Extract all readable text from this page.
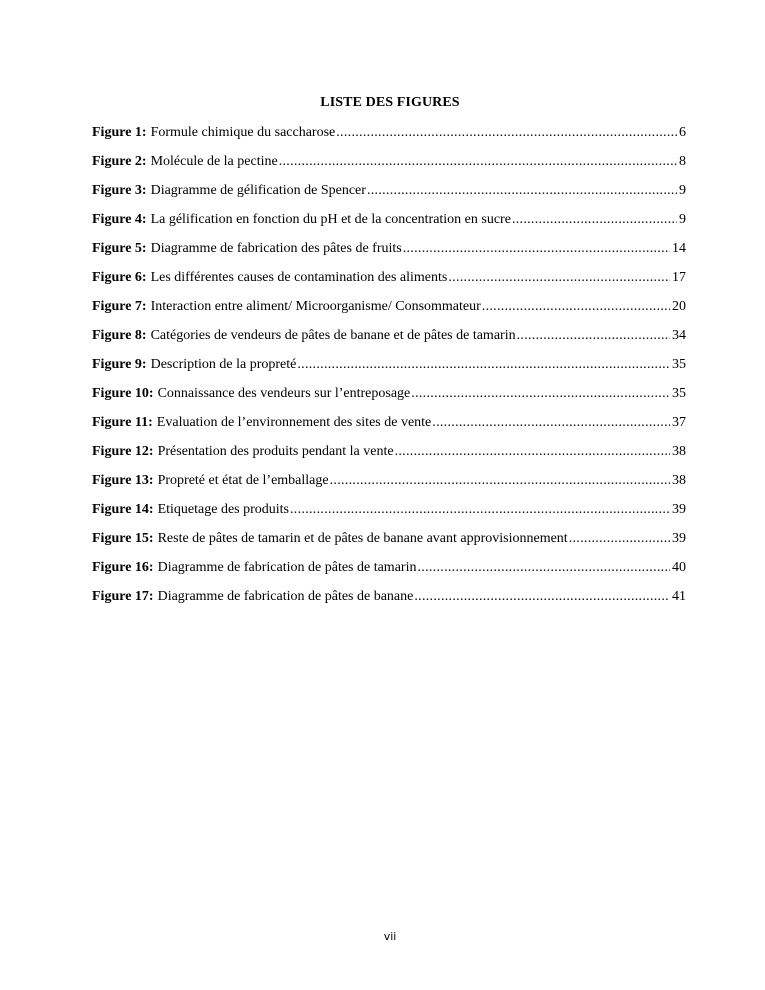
LISTE DES FIGURES
Figure 1: Formule chimique du saccharose .....	6
Figure 2: Molécule de la pectine .....	8
Figure 3: Diagramme de gélification de Spencer .....	9
Figure 4: La gélification en fonction du pH et de la concentration en sucre .....	9
Figure 5: Diagramme de fabrication des pâtes de fruits .....	14
Figure 6: Les différentes causes de contamination des aliments .....	17
Figure 7: Interaction entre aliment/ Microorganisme/ Consommateur .....	20
Figure 8: Catégories de vendeurs de pâtes de banane et de pâtes de tamarin .....	34
Figure 9: Description de la propreté .....	35
Figure 10: Connaissance des vendeurs sur l’entreposage .....	35
Figure 11: Evaluation de l’environnement des sites de vente .....	37
Figure 12: Présentation des produits pendant la vente .....	38
Figure 13: Propreté et état de l’emballage .....	38
Figure 14: Etiquetage des produits .....	39
Figure 15: Reste de pâtes de tamarin et de pâtes de banane avant approvisionnement .....	39
Figure 16: Diagramme de fabrication de pâtes de tamarin .....	40
Figure 17: Diagramme de fabrication de pâtes de banane .....	41
vii
